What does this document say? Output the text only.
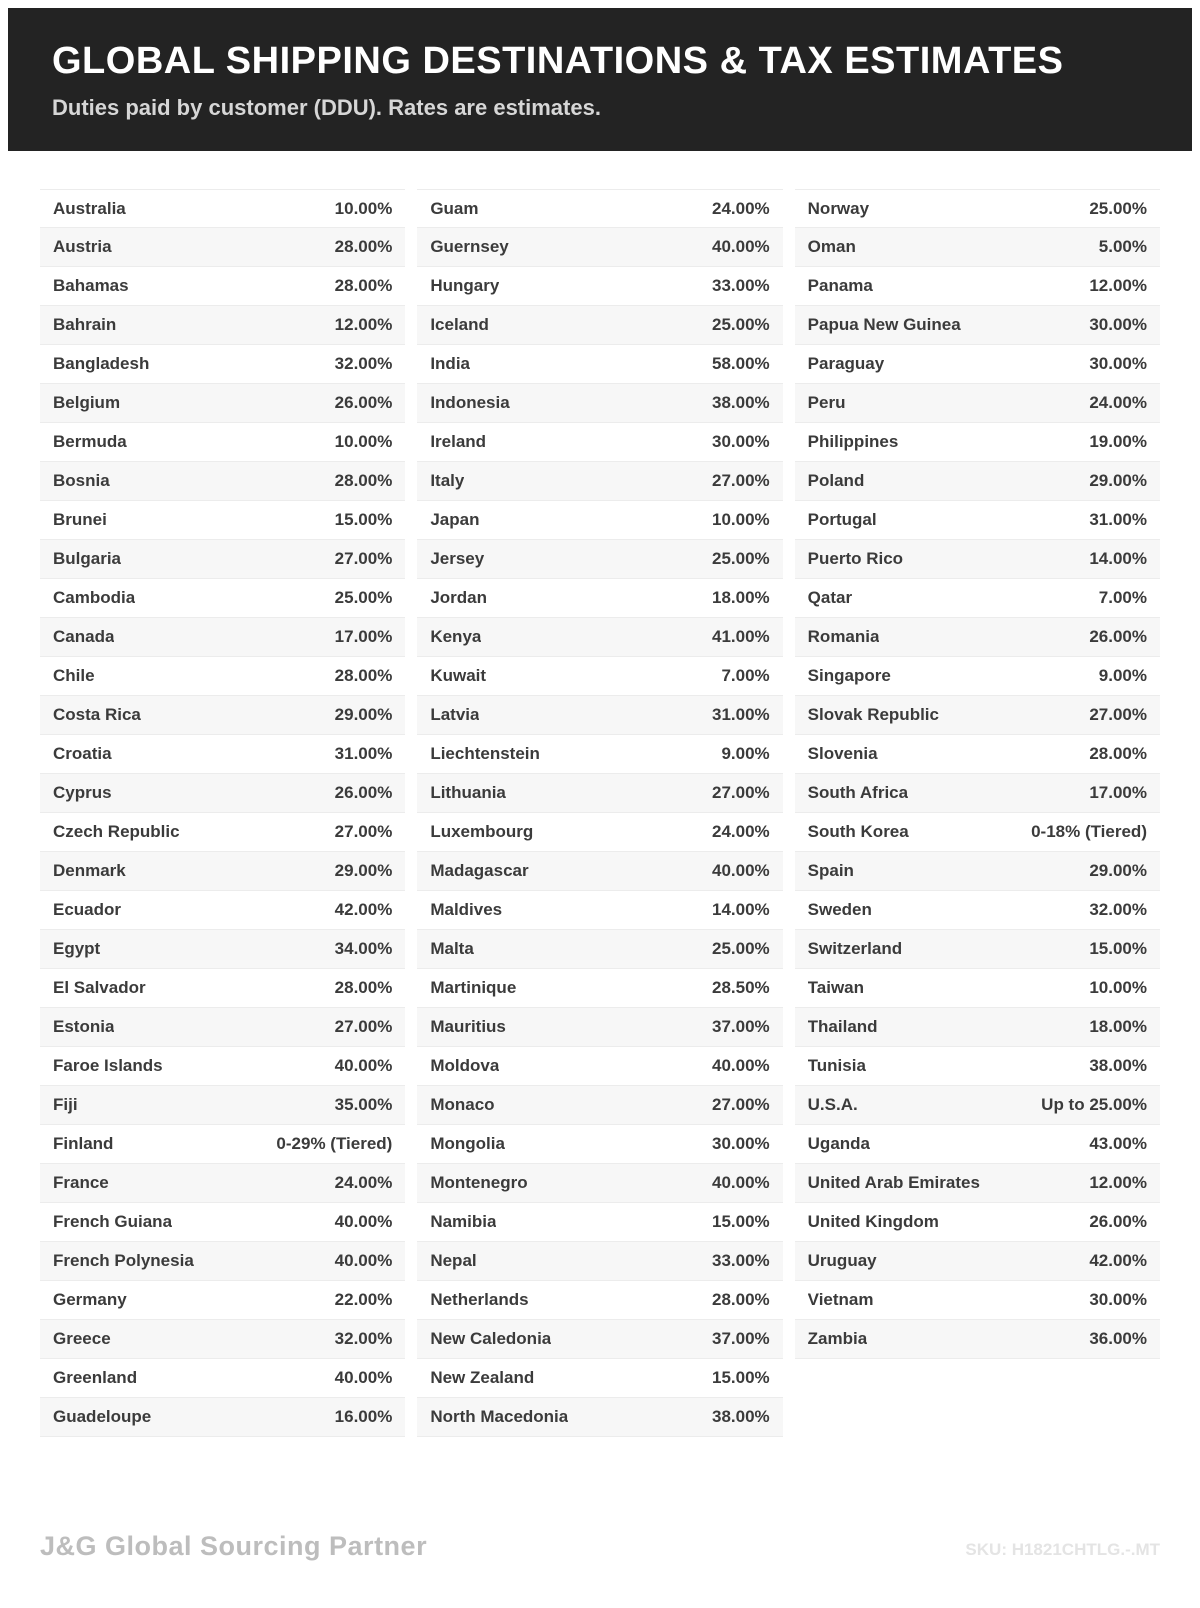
GLOBAL SHIPPING DESTINATIONS & TAX ESTIMATES
Duties paid by customer (DDU). Rates are estimates.
Australia	10.00%
Austria	28.00%
Bahamas	28.00%
Bahrain	12.00%
Bangladesh	32.00%
Belgium	26.00%
Bermuda	10.00%
Bosnia	28.00%
Brunei	15.00%
Bulgaria	27.00%
Cambodia	25.00%
Canada	17.00%
Chile	28.00%
Costa Rica	29.00%
Croatia	31.00%
Cyprus	26.00%
Czech Republic	27.00%
Denmark	29.00%
Ecuador	42.00%
Egypt	34.00%
El Salvador	28.00%
Estonia	27.00%
Faroe Islands	40.00%
Fiji	35.00%
Finland	0-29% (Tiered)
France	24.00%
French Guiana	40.00%
French Polynesia	40.00%
Germany	22.00%
Greece	32.00%
Greenland	40.00%
Guadeloupe	16.00%
Guam	24.00%
Guernsey	40.00%
Hungary	33.00%
Iceland	25.00%
India	58.00%
Indonesia	38.00%
Ireland	30.00%
Italy	27.00%
Japan	10.00%
Jersey	25.00%
Jordan	18.00%
Kenya	41.00%
Kuwait	7.00%
Latvia	31.00%
Liechtenstein	9.00%
Lithuania	27.00%
Luxembourg	24.00%
Madagascar	40.00%
Maldives	14.00%
Malta	25.00%
Martinique	28.50%
Mauritius	37.00%
Moldova	40.00%
Monaco	27.00%
Mongolia	30.00%
Montenegro	40.00%
Namibia	15.00%
Nepal	33.00%
Netherlands	28.00%
New Caledonia	37.00%
New Zealand	15.00%
North Macedonia	38.00%
Norway	25.00%
Oman	5.00%
Panama	12.00%
Papua New Guinea	30.00%
Paraguay	30.00%
Peru	24.00%
Philippines	19.00%
Poland	29.00%
Portugal	31.00%
Puerto Rico	14.00%
Qatar	7.00%
Romania	26.00%
Singapore	9.00%
Slovak Republic	27.00%
Slovenia	28.00%
South Africa	17.00%
South Korea	0-18% (Tiered)
Spain	29.00%
Sweden	32.00%
Switzerland	15.00%
Taiwan	10.00%
Thailand	18.00%
Tunisia	38.00%
U.S.A.	Up to 25.00%
Uganda	43.00%
United Arab Emirates	12.00%
United Kingdom	26.00%
Uruguay	42.00%
Vietnam	30.00%
Zambia	36.00%
J&G Global Sourcing Partner	SKU: H1821CHTLG.-.MT
